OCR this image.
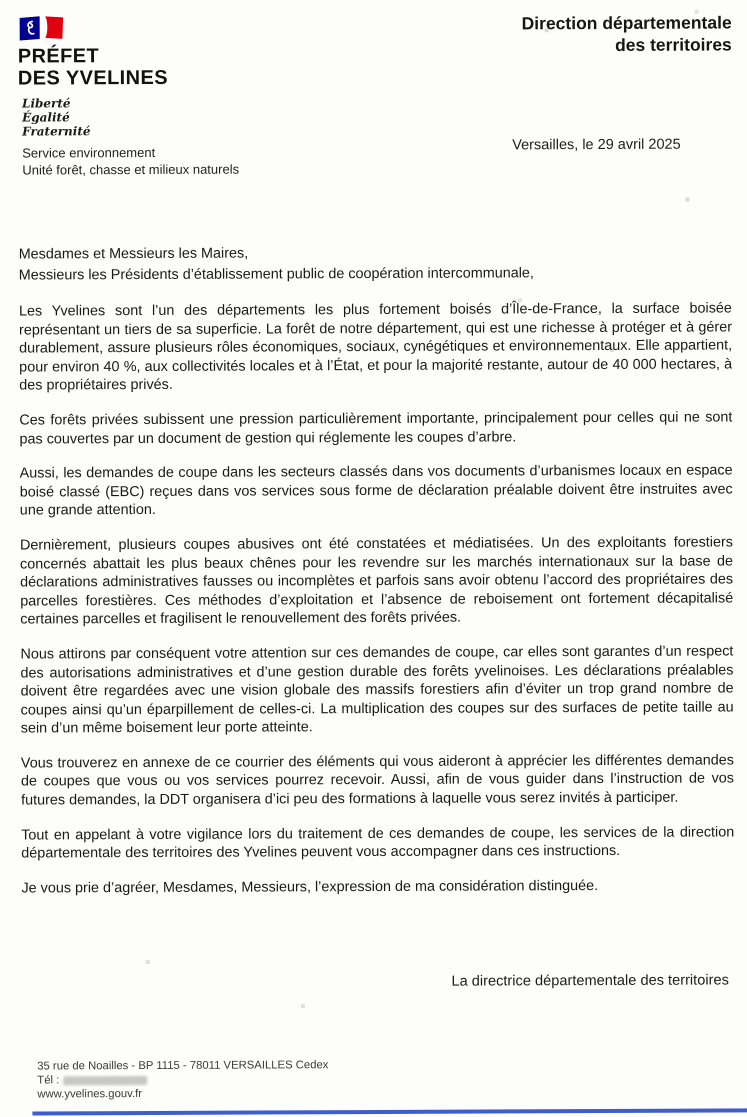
PRÉFET
DES YVELINES
Liberté
Égalité
Fraternité
Service environnement
Unité forêt, chasse et milieux naturels
Direction départementale
des territoires
Versailles, le 29 avril 2025
Mesdames et Messieurs les Maires,
Messieurs les Présidents d’établissement public de coopération intercommunale,

Les Yvelines sont l’un des départements les plus fortement boisés d’Île-de-France, la surface boisée représentant un tiers de sa superficie. La forêt de notre département, qui est une richesse à protéger et à gérer durablement, assure plusieurs rôles économiques, sociaux, cynégétiques et environnementaux. Elle appartient, pour environ 40 %, aux collectivités locales et à l’État, et pour la majorité restante, autour de 40 000 hectares, à des propriétaires privés.

Ces forêts privées subissent une pression particulièrement importante, principalement pour celles qui ne sont pas couvertes par un document de gestion qui réglemente les coupes d’arbre.

Aussi, les demandes de coupe dans les secteurs classés dans vos documents d’urbanismes locaux en espace boisé classé (EBC) reçues dans vos services sous forme de déclaration préalable doivent être instruites avec une grande attention.

Dernièrement, plusieurs coupes abusives ont été constatées et médiatisées. Un des exploitants forestiers concernés abattait les plus beaux chênes pour les revendre sur les marchés internationaux sur la base de déclarations administratives fausses ou incomplètes et parfois sans avoir obtenu l’accord des propriétaires des parcelles forestières. Ces méthodes d’exploitation et l’absence de reboisement ont fortement décapitalisé certaines parcelles et fragilisent le renouvellement des forêts privées.

Nous attirons par conséquent votre attention sur ces demandes de coupe, car elles sont garantes d’un respect des autorisations administratives et d’une gestion durable des forêts yvelinoises. Les déclarations préalables doivent être regardées avec une vision globale des massifs forestiers afin d’éviter un trop grand nombre de coupes ainsi qu’un éparpillement de celles-ci. La multiplication des coupes sur des surfaces de petite taille au sein d’un même boisement leur porte atteinte.

Vous trouverez en annexe de ce courrier des éléments qui vous aideront à apprécier les différentes demandes de coupes que vous ou vos services pourrez recevoir. Aussi, afin de vous guider dans l’instruction de vos futures demandes, la DDT organisera d’ici peu des formations à laquelle vous serez invités à participer.

Tout en appelant à votre vigilance lors du traitement de ces demandes de coupe, les services de la direction départementale des territoires des Yvelines peuvent vous accompagner dans ces instructions.

Je vous prie d’agréer, Mesdames, Messieurs, l’expression de ma considération distinguée.

La directrice départementale des territoires
35 rue de Noailles - BP 1115 - 78011 VERSAILLES Cedex
Tél :
www.yvelines.gouv.fr
